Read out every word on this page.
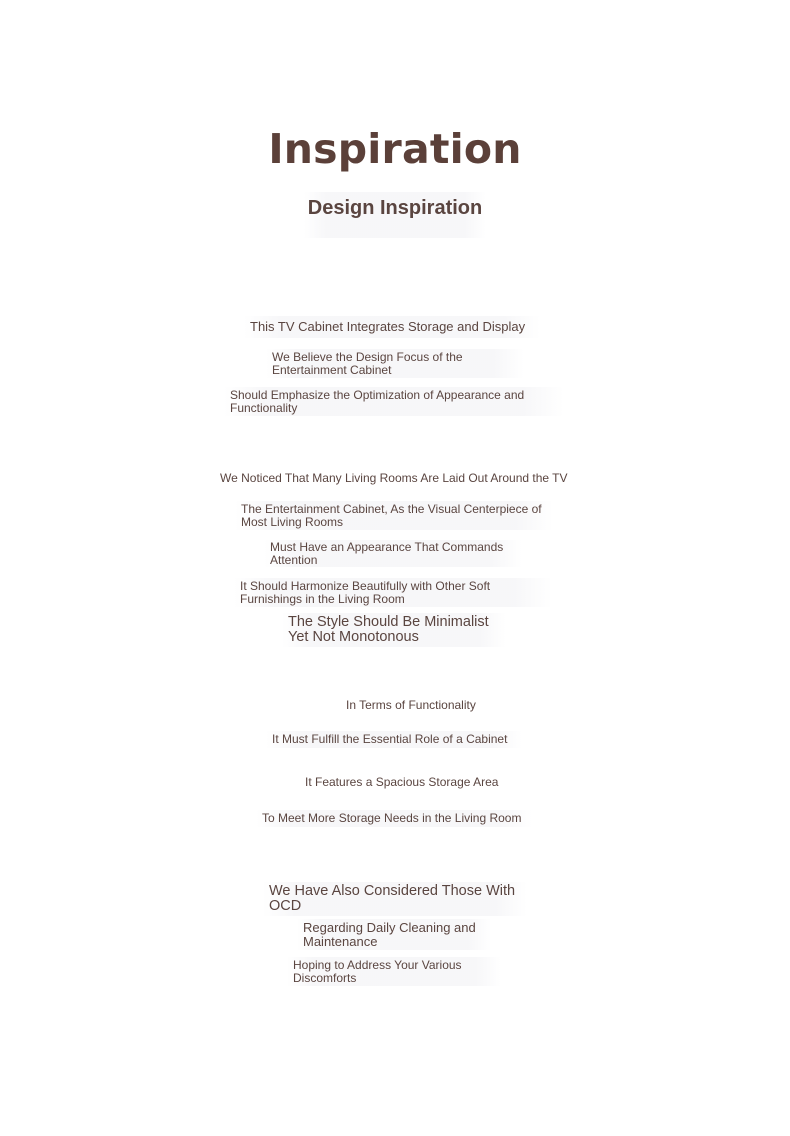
Inspiration
Design Inspiration

This TV Cabinet Integrates Storage and Display

We Believe the Design Focus of the Entertainment Cabinet

Should Emphasize the Optimization of Appearance and Functionality

We Noticed That Many Living Rooms Are Laid Out Around the TV

The Entertainment Cabinet, As the Visual Centerpiece of Most Living Rooms

Must Have an Appearance That Commands Attention

It Should Harmonize Beautifully with Other Soft Furnishings in the Living Room

The Style Should Be Minimalist Yet Not Monotonous

In Terms of Functionality

It Must Fulfill the Essential Role of a Cabinet

It Features a Spacious Storage Area

To Meet More Storage Needs in the Living Room

We Have Also Considered Those With OCD

Regarding Daily Cleaning and Maintenance

Hoping to Address Your Various Discomforts
